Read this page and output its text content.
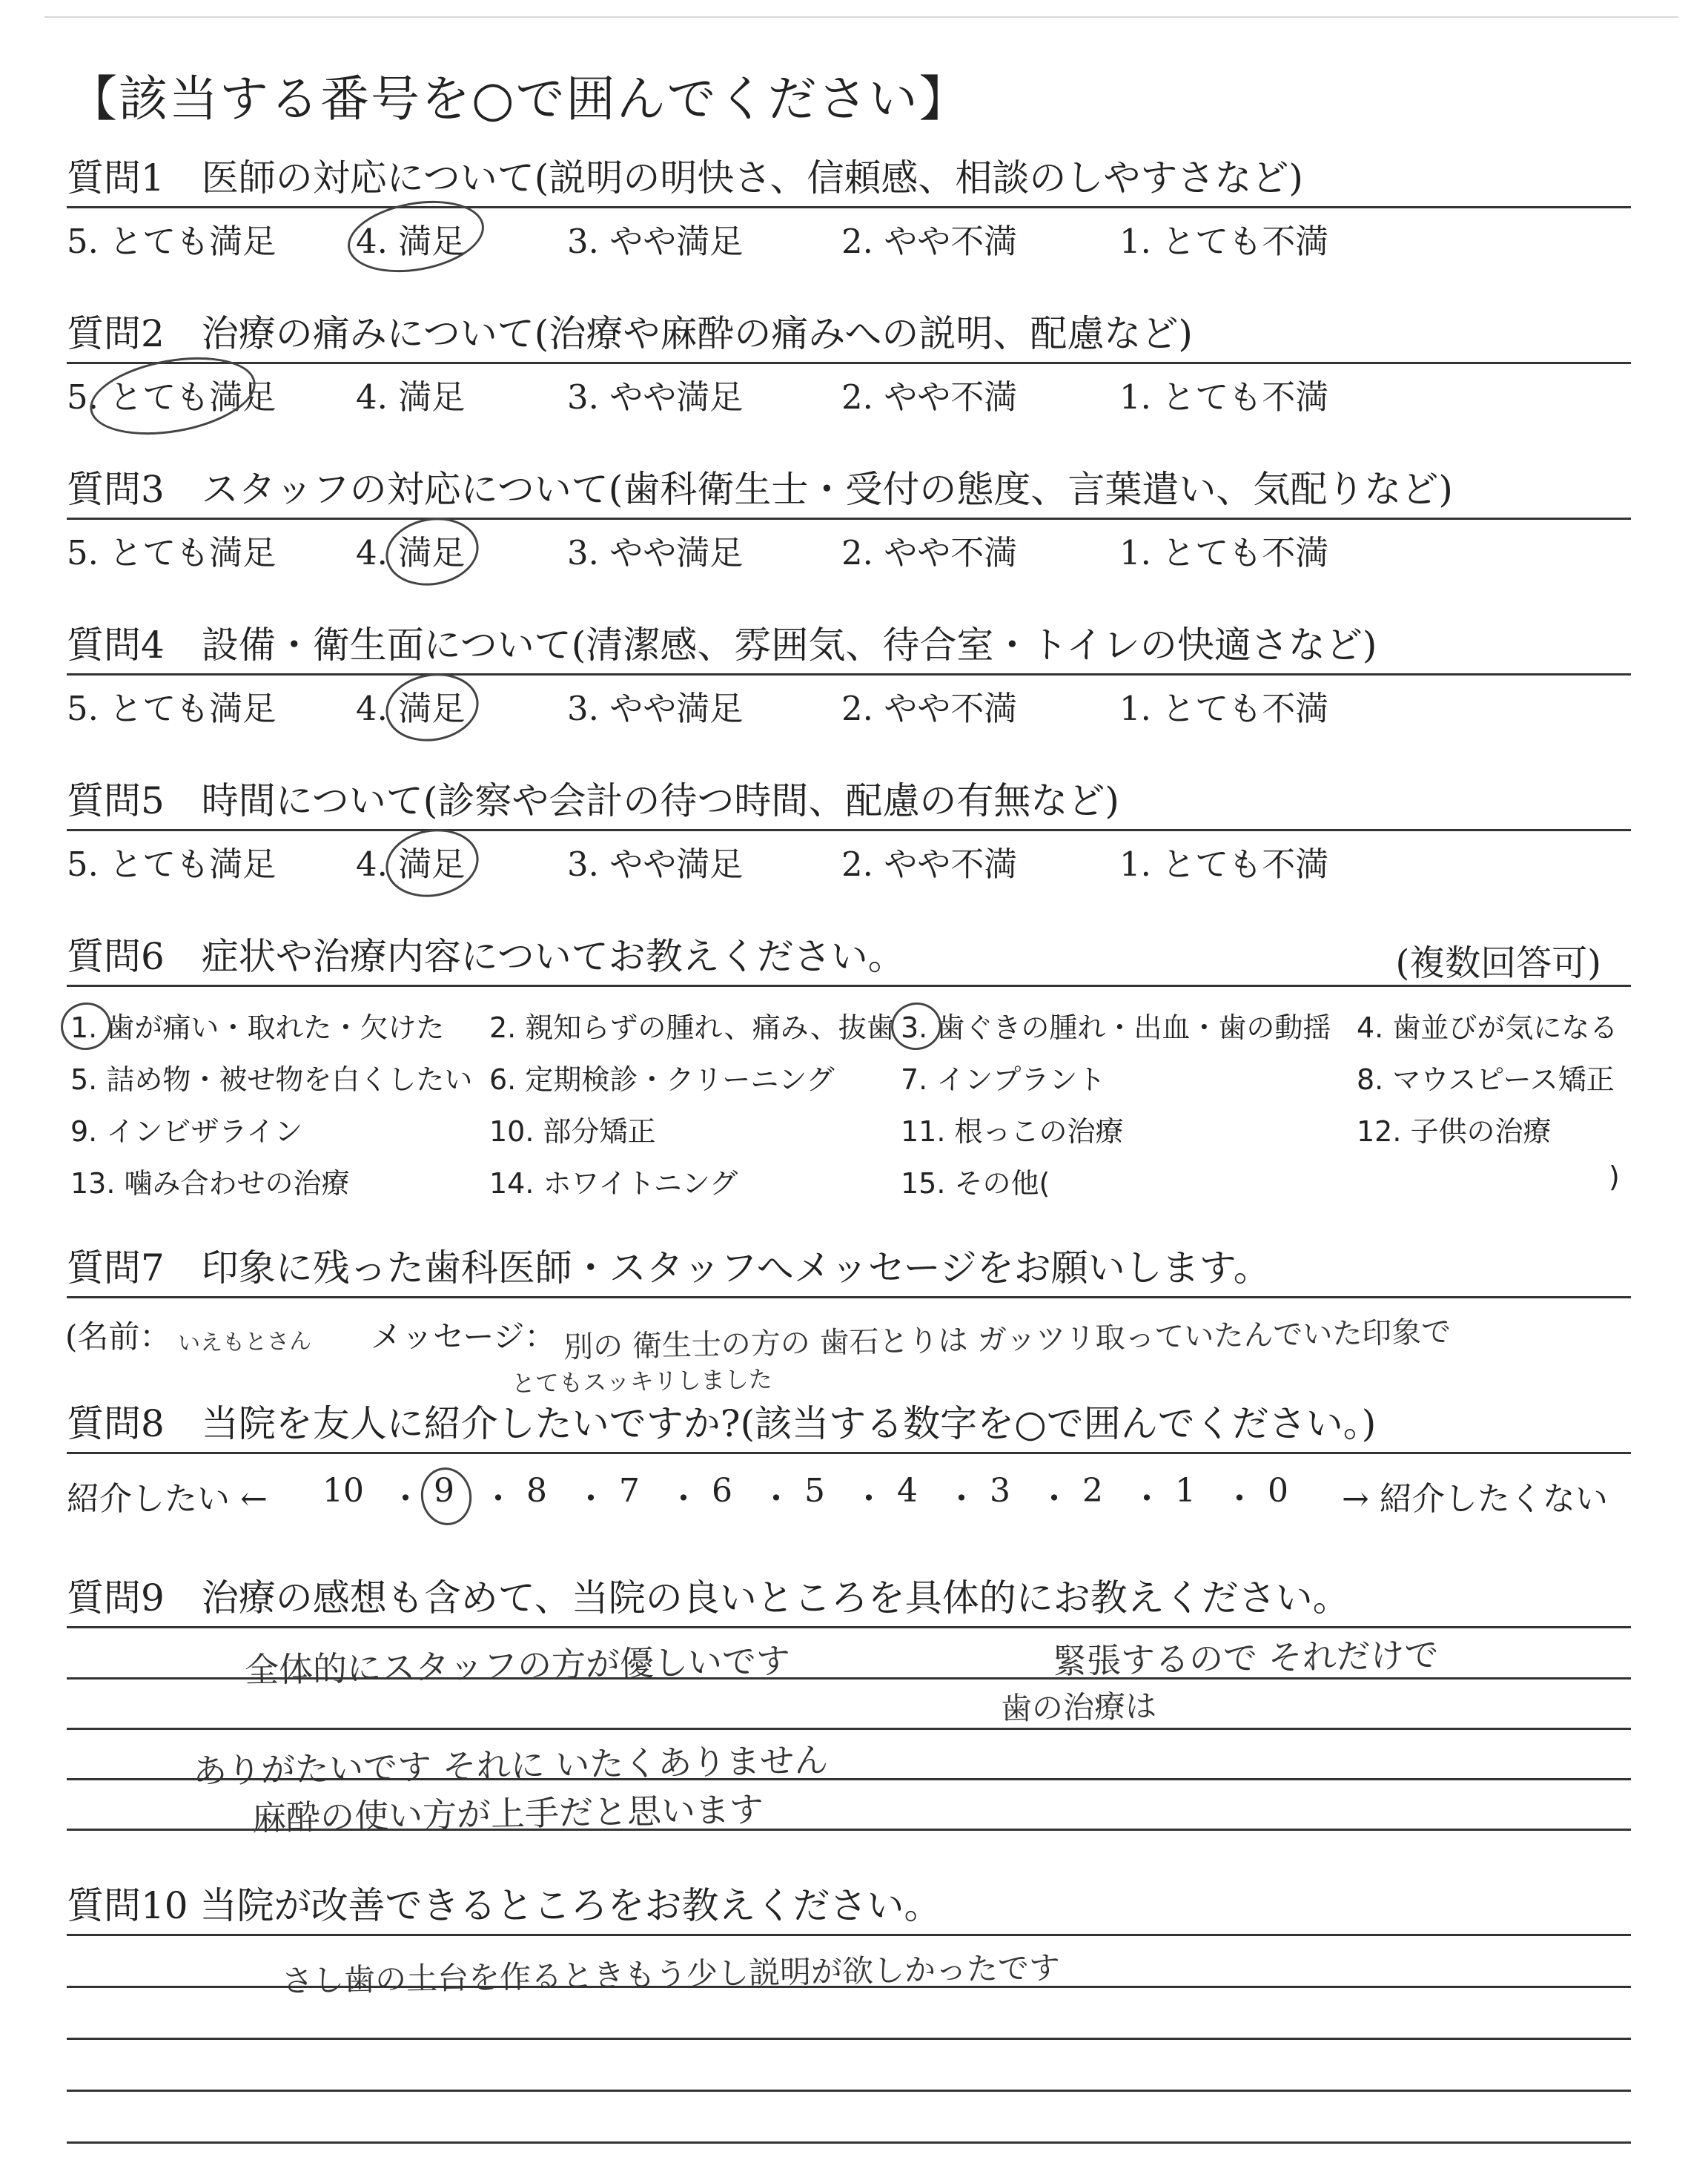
【該当する番号を○で囲んでください】
質問1　医師の対応について(説明の明快さ、信頼感、相談のしやすさなど)
5. とても満足 4. 満足	3. やや満足	2. やや不満	1. とても不満
質問2　治療の痛みについて(治療や麻酔の痛みへの説明、配慮など)
5. とても満足 4. 満足	3. やや満足	2. やや不満	1. とても不満
質問3　スタッフの対応について(歯科衛生士・受付の態度、言葉遣い、気配りなど)
5. とても満足 4. 満足	3. やや満足	2. やや不満	1. とても不満
質問4　設備・衛生面について(清潔感、雰囲気、待合室・トイレの快適さなど)
5. とても満足 4. 満足	3. やや満足	2. やや不満	1. とても不満
質問5　時間について(診察や会計の待つ時間、配慮の有無など)
5. とても満足 4. 満足	3. やや満足	2. やや不満	1. とても不満
質問6　症状や治療内容についてお教えください。	(複数回答可)
1. 歯が痛い・取れた・欠けた 2. 親知らずの腫れ、痛み、抜歯 3. 歯ぐきの腫れ・出血・歯の動揺 4. 歯並びが気になる
5. 詰め物・被せ物を白くしたい 6. 定期検診・クリーニング 7. インプラント	8. マウスピース矯正
9. インビザライン	10. 部分矯正	11. 根っこの治療	12. 子供の治療
13. 噛み合わせの治療	14. ホワイトニング	15. その他(	)
質問7　印象に残った歯科医師・スタッフへメッセージをお願いします。
(名前： いえもとさん メッセージ： 別の 衛生士の方の 歯石とりは ガッツリ取っていたんでいた印象で
とてもスッキリしました
質問8　当院を友人に紹介したいですか?(該当する数字を○で囲んでください。)
紹介したい ← 10 ・ 9 ・ 8 ・ 7 ・ 6 ・ 5 ・ 4 ・ 3 ・ 2 ・ 1 ・ 0 → 紹介したくない
質問9　治療の感想も含めて、当院の良いところを具体的にお教えください。
全体的にスタッフの方が優しいです	緊張するので それだけで
歯の治療は
ありがたいです それに いたくありません
麻酔の使い方が上手だと思います
質問10 当院が改善できるところをお教えください。
さし歯の土台を作るときもう少し説明が欲しかったです
